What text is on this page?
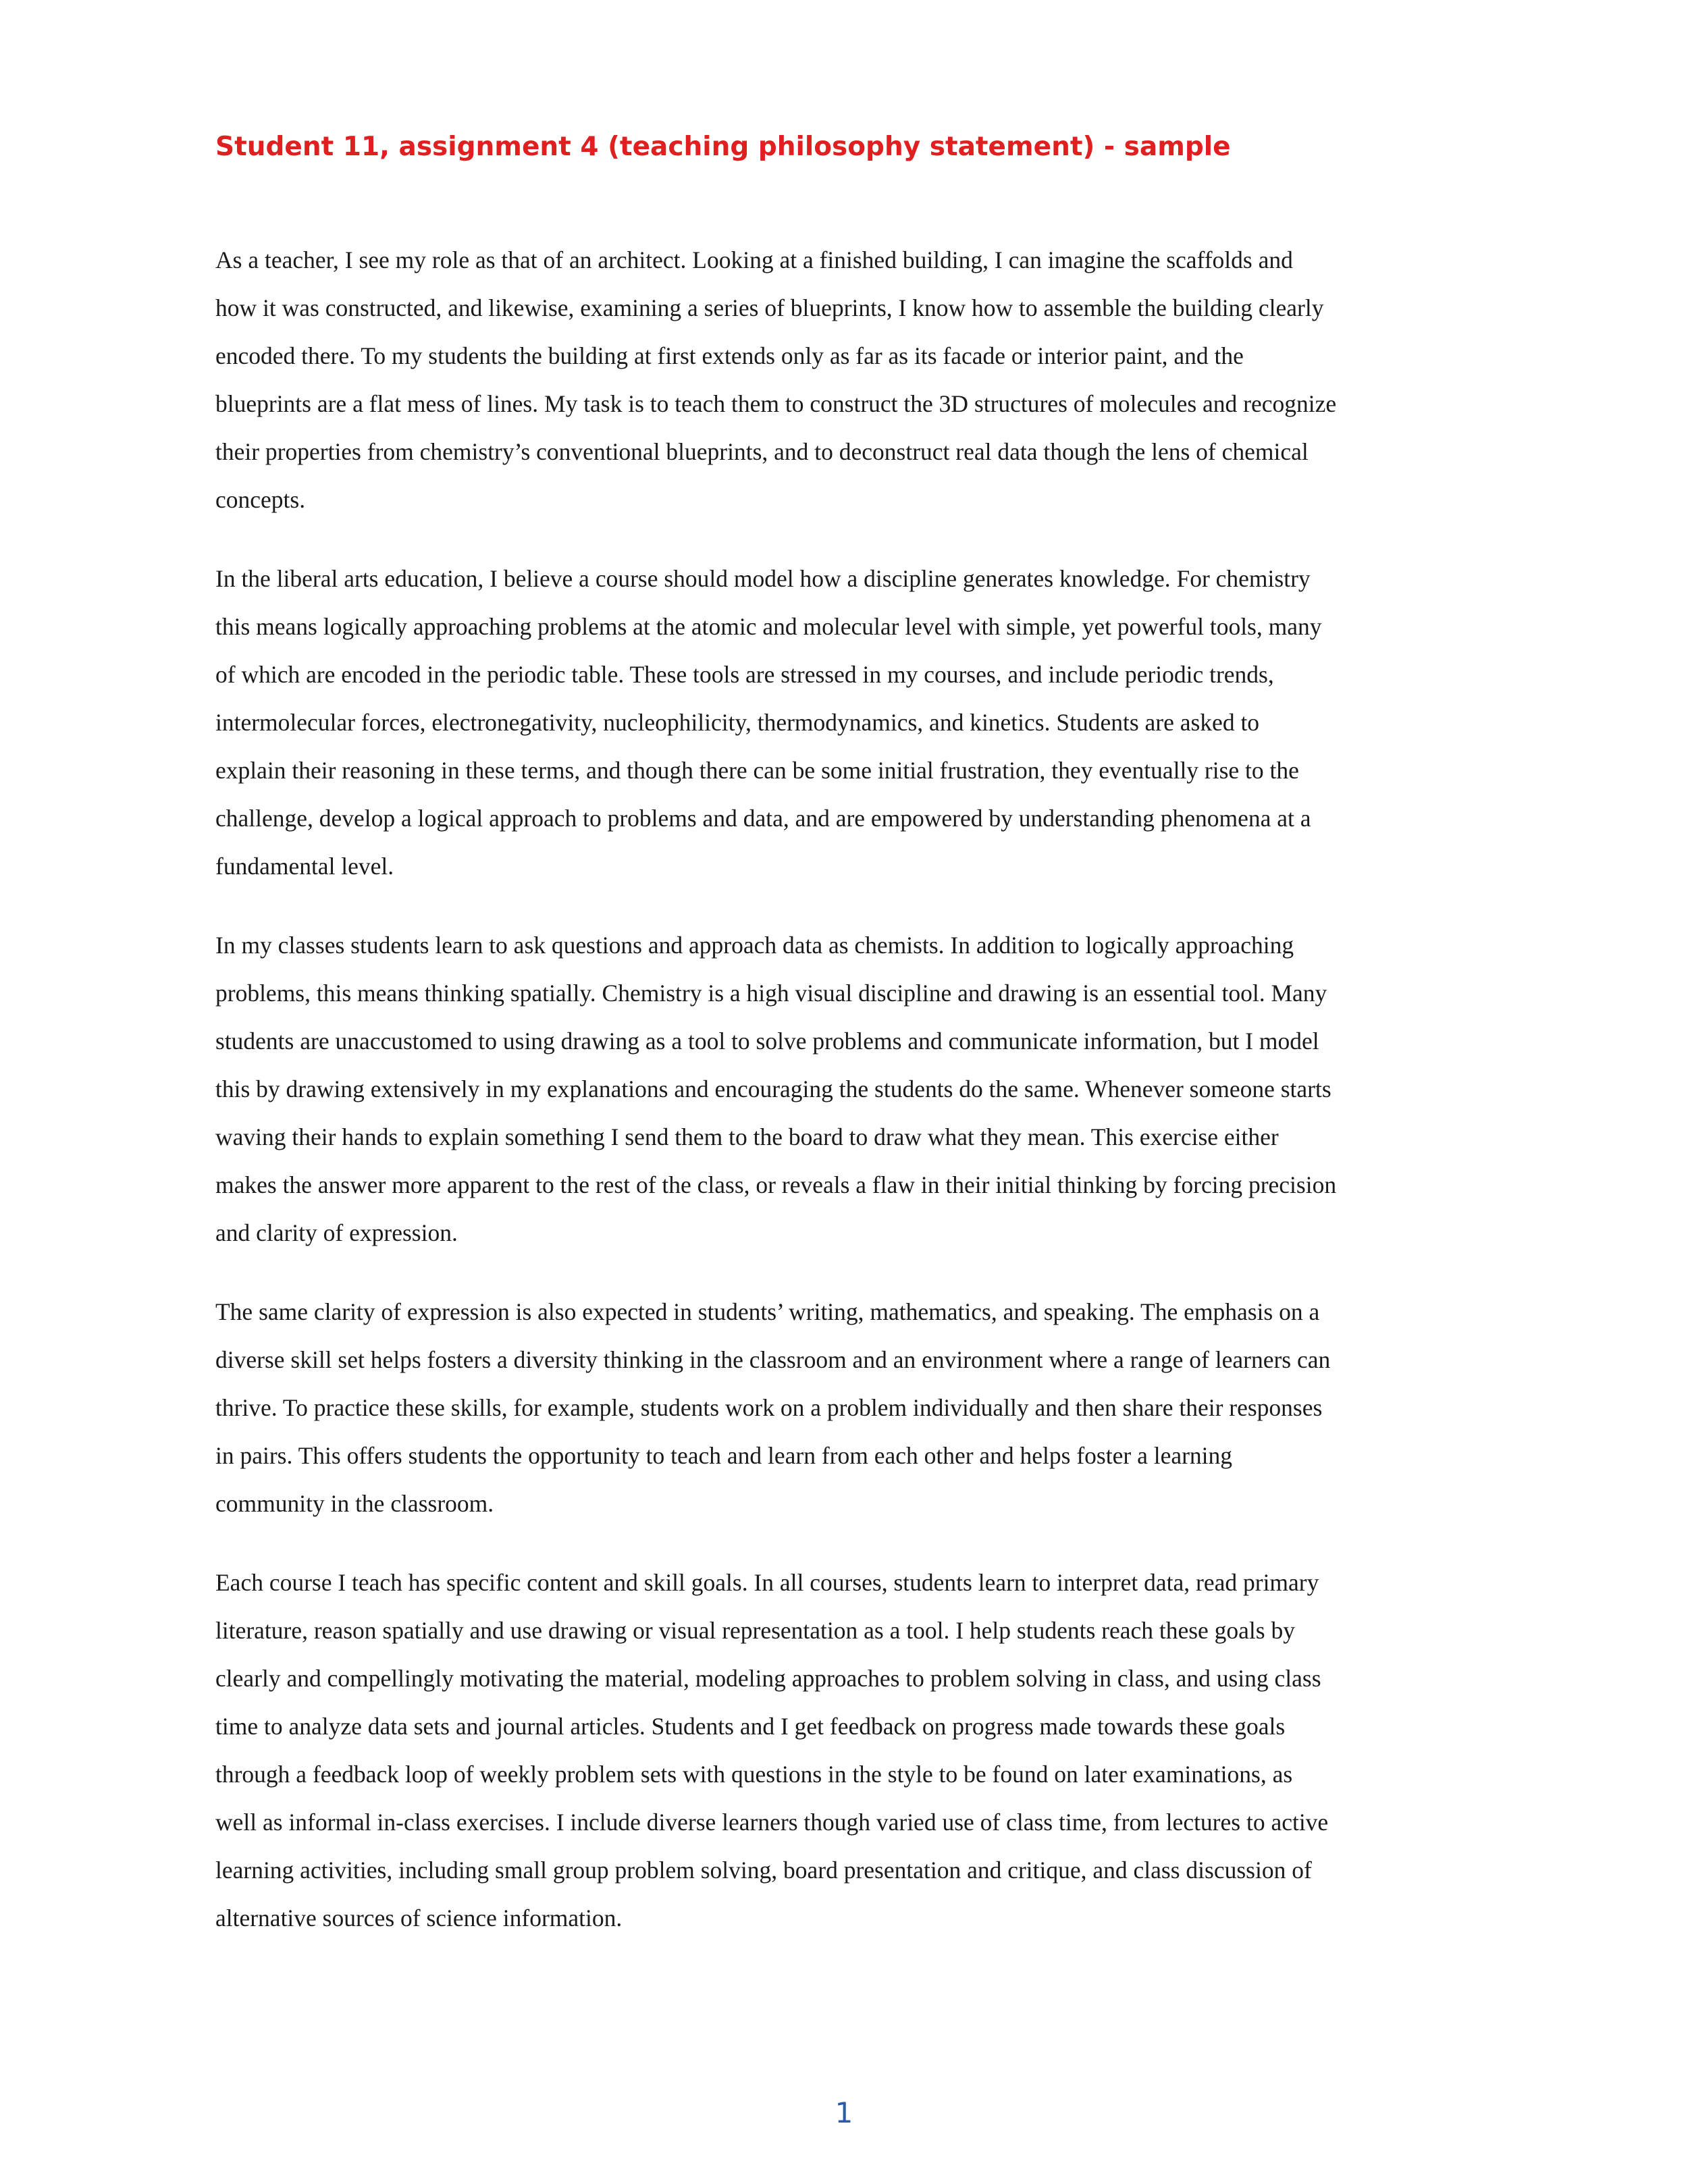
Student 11, assignment 4 (teaching philosophy statement) - sample

As a teacher, I see my role as that of an architect. Looking at a finished building, I can imagine the scaffolds and
how it was constructed, and likewise, examining a series of blueprints, I know how to assemble the building clearly
encoded there. To my students the building at first extends only as far as its facade or interior paint, and the
blueprints are a flat mess of lines. My task is to teach them to construct the 3D structures of molecules and recognize
their properties from chemistry’s conventional blueprints, and to deconstruct real data though the lens of chemical
concepts.

In the liberal arts education, I believe a course should model how a discipline generates knowledge. For chemistry
this means logically approaching problems at the atomic and molecular level with simple, yet powerful tools, many
of which are encoded in the periodic table. These tools are stressed in my courses, and include periodic trends,
intermolecular forces, electronegativity, nucleophilicity, thermodynamics, and kinetics. Students are asked to
explain their reasoning in these terms, and though there can be some initial frustration, they eventually rise to the
challenge, develop a logical approach to problems and data, and are empowered by understanding phenomena at a
fundamental level.

In my classes students learn to ask questions and approach data as chemists. In addition to logically approaching
problems, this means thinking spatially. Chemistry is a high visual discipline and drawing is an essential tool. Many
students are unaccustomed to using drawing as a tool to solve problems and communicate information, but I model
this by drawing extensively in my explanations and encouraging the students do the same. Whenever someone starts
waving their hands to explain something I send them to the board to draw what they mean. This exercise either
makes the answer more apparent to the rest of the class, or reveals a flaw in their initial thinking by forcing precision
and clarity of expression.

The same clarity of expression is also expected in students’ writing, mathematics, and speaking. The emphasis on a
diverse skill set helps fosters a diversity thinking in the classroom and an environment where a range of learners can
thrive. To practice these skills, for example, students work on a problem individually and then share their responses
in pairs. This offers students the opportunity to teach and learn from each other and helps foster a learning
community in the classroom.

Each course I teach has specific content and skill goals. In all courses, students learn to interpret data, read primary
literature, reason spatially and use drawing or visual representation as a tool. I help students reach these goals by
clearly and compellingly motivating the material, modeling approaches to problem solving in class, and using class
time to analyze data sets and journal articles. Students and I get feedback on progress made towards these goals
through a feedback loop of weekly problem sets with questions in the style to be found on later examinations, as
well as informal in-class exercises. I include diverse learners though varied use of class time, from lectures to active
learning activities, including small group problem solving, board presentation and critique, and class discussion of
alternative sources of science information.

1
